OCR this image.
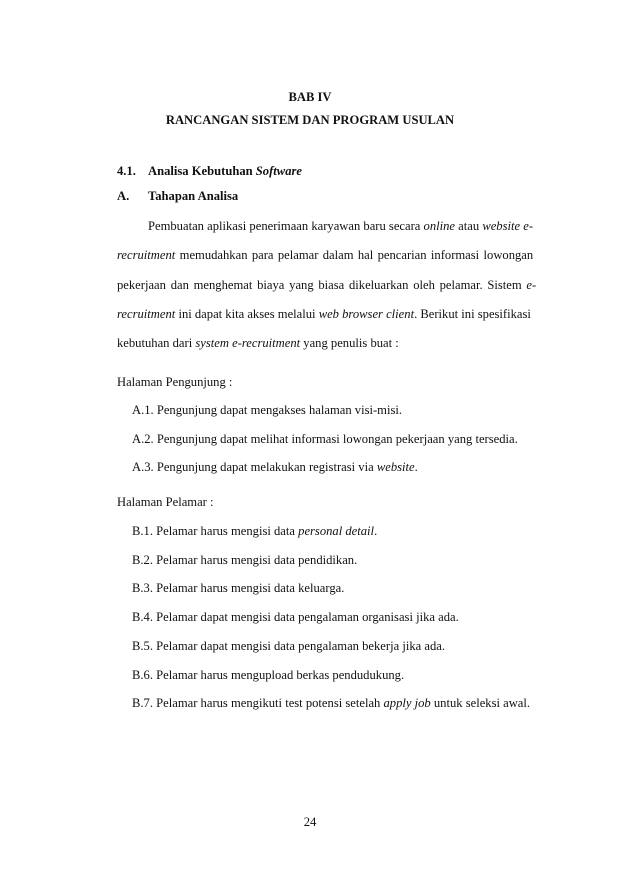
BAB IV
RANCANGAN SISTEM DAN PROGRAM USULAN
4.1. Analisa Kebutuhan Software
A. Tahapan Analisa
Pembuatan aplikasi penerimaan karyawan baru secara online atau website e-
recruitment memudahkan para pelamar dalam hal pencarian informasi lowongan
pekerjaan dan menghemat biaya yang biasa dikeluarkan oleh pelamar. Sistem e-
recruitment ini dapat kita akses melalui web browser client. Berikut ini spesifikasi
kebutuhan dari system e-recruitment yang penulis buat :
Halaman Pengunjung :
A.1. Pengunjung dapat mengakses halaman visi-misi.
A.2. Pengunjung dapat melihat informasi lowongan pekerjaan yang tersedia.
A.3. Pengunjung dapat melakukan registrasi via website.
Halaman Pelamar :
B.1. Pelamar harus mengisi data personal detail.
B.2. Pelamar harus mengisi data pendidikan.
B.3. Pelamar harus mengisi data keluarga.
B.4. Pelamar dapat mengisi data pengalaman organisasi jika ada.
B.5. Pelamar dapat mengisi data pengalaman bekerja jika ada.
B.6. Pelamar harus mengupload berkas pendudukung.
B.7. Pelamar harus mengikuti test potensi setelah apply job untuk seleksi awal.
24
